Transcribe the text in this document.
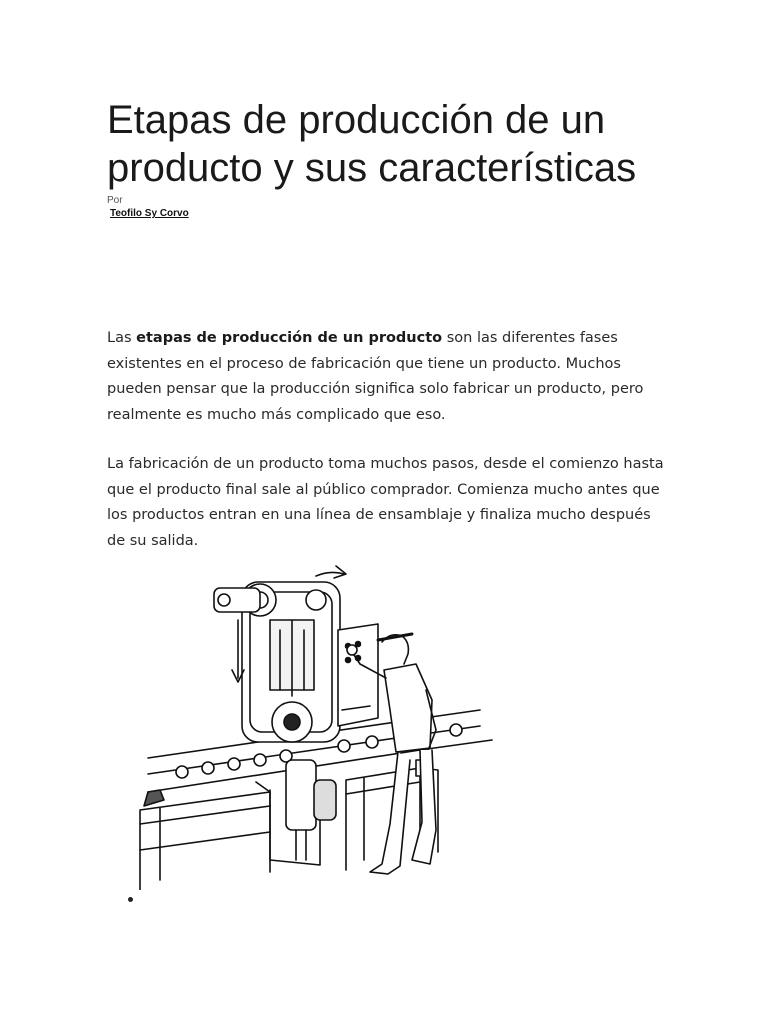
Etapas de producción de un producto y sus características
Por
Teofilo Sy Corvo

Las etapas de producción de un producto son las diferentes fases existentes en el proceso de fabricación que tiene un producto. Muchos pueden pensar que la producción significa solo fabricar un producto, pero realmente es mucho más complicado que eso.

La fabricación de un producto toma muchos pasos, desde el comienzo hasta que el producto final sale al público comprador. Comienza mucho antes que los productos entran en una línea de ensamblaje y finaliza mucho después de su salida.
